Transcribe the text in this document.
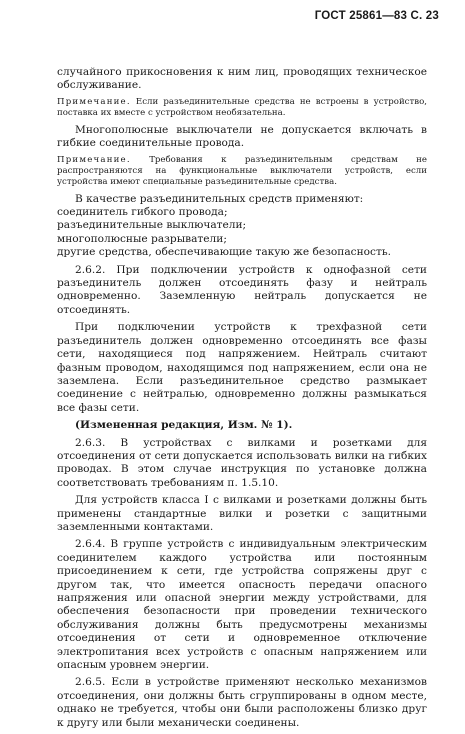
ГОСТ 25861—83 С. 23

случайного прикосновения к ним лиц, проводящих техническое обслуживание.

Примечание. Если разъединительные средства не встроены в устройство, поставка их вместе с устройством необязательна.

Многополюсные выключатели не допускается включать в гибкие соединительные провода.

Примечание. Требования к разъединительным средствам не распространяются на функциональные выключатели устройств, если устройства имеют специальные разъединительные средства.

В качестве разъединительных средств применяют:

соединитель гибкого провода;

разъединительные выключатели;

многополюсные разрыватели;

другие средства, обеспечивающие такую же безопасность.

2.6.2. При подключении устройств к однофазной сети разъединитель должен отсоединять фазу и нейтраль одновременно. Заземленную нейтраль допускается не отсоединять.

При подключении устройств к трехфазной сети разъединитель должен одновременно отсоединять все фазы сети, находящиеся под напряжением. Нейтраль считают фазным проводом, находящимся под напряжением, если она не заземлена. Если разъединительное средство размыкает соединение с нейтралью, одновременно должны размыкаться все фазы сети.

(Измененная редакция, Изм. № 1).

2.6.3. В устройствах с вилками и розетками для отсоединения от сети допускается использовать вилки на гибких проводах. В этом случае инструкция по установке должна соответствовать требованиям п. 1.5.10.

Для устройств класса I с вилками и розетками должны быть применены стандартные вилки и розетки с защитными заземленными контактами.

2.6.4. В группе устройств с индивидуальным электрическим соединителем каждого устройства или постоянным присоединением к сети, где устройства сопряжены друг с другом так, что имеется опасность передачи опасного напряжения или опасной энергии между устройствами, для обеспечения безопасности при проведении технического обслуживания должны быть предусмотрены механизмы отсоединения от сети и одновременное отключение электропитания всех устройств с опасным напряжением или опасным уровнем энергии.

2.6.5. Если в устройстве применяют несколько механизмов отсоединения, они должны быть сгруппированы в одном месте, однако не требуется, чтобы они были расположены близко друг к другу или были механически соединены.
